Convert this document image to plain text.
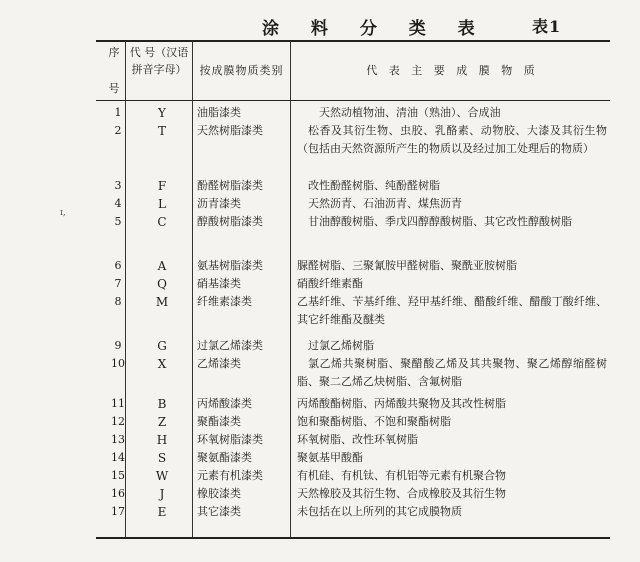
涂 料 分 类 表	表1
ɪ,
序
号
代 号（汉语拼音字母）	按成膜物质类别	代 表 主 要 成 膜 物 质
1	Y	油脂漆类	天然动植物油、清油（熟油）、合成油
2	T	天然树脂漆类	松香及其衍生物、虫胶、乳酪素、动物胶、大漆及其衍生物（包括由天然资源所产生的物质以及经过加工处理后的物质）
3	F	酚醛树脂漆类	改性酚醛树脂、纯酚醛树脂
4	L	沥青漆类	天然沥青、石油沥青、煤焦沥青
5	C	醇酸树脂漆类	甘油醇酸树脂、季戊四醇醇酸树脂、其它改性醇酸树脂
6	A	氨基树脂漆类	脲醛树脂、三聚氰胺甲醛树脂、聚酰亚胺树脂
7	Q	硝基漆类	硝酸纤维素酯
8	M	纤维素漆类	乙基纤维、苄基纤维、羟甲基纤维、醋酸纤维、醋酸丁酸纤维、其它纤维酯及醚类
9	G	过氯乙烯漆类	过氯乙烯树脂
10	X	乙烯漆类	氯乙烯共聚树脂、聚醋酸乙烯及其共聚物、聚乙烯醇缩醛树脂、聚二乙烯乙炔树脂、含氟树脂
11	B	丙烯酸漆类	丙烯酸酯树脂、丙烯酸共聚物及其改性树脂
12	Z	聚酯漆类	饱和聚酯树脂、不饱和聚酯树脂
13	H	环氧树脂漆类	环氧树脂、改性环氧树脂
14	S	聚氨酯漆类	聚氨基甲酸酯
15	W	元素有机漆类	有机硅、有机钛、有机铝等元素有机聚合物
16	J	橡胶漆类	天然橡胶及其衍生物、合成橡胶及其衍生物
17	E	其它漆类	未包括在以上所列的其它成膜物质
